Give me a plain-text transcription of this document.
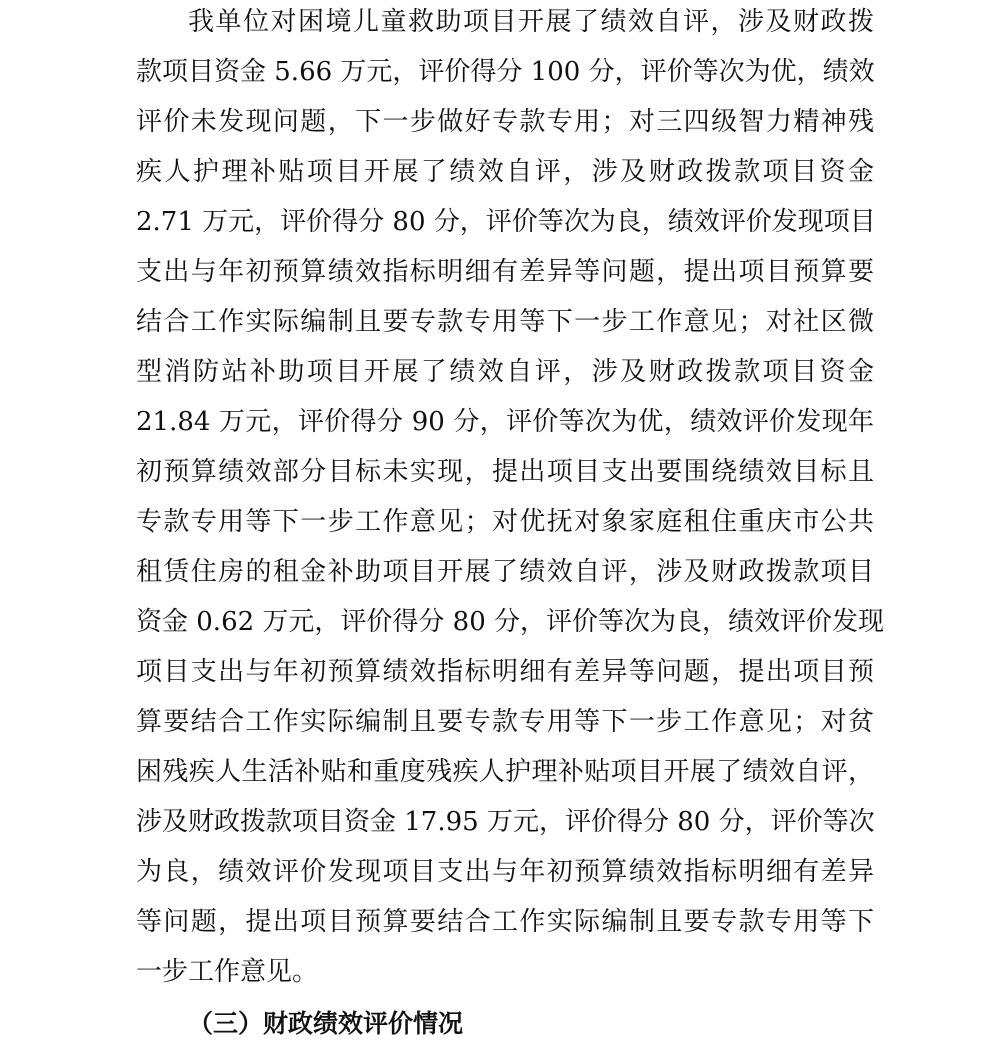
我单位对困境儿童救助项目开展了绩效自评，涉及财政拨
款项目资金 5.66 万元，评价得分 100 分，评价等次为优，绩效
评价未发现问题，下一步做好专款专用；对三四级智力精神残
疾人护理补贴项目开展了绩效自评，涉及财政拨款项目资金
2.71 万元，评价得分 80 分，评价等次为良，绩效评价发现项目
支出与年初预算绩效指标明细有差异等问题，提出项目预算要
结合工作实际编制且要专款专用等下一步工作意见；对社区微
型消防站补助项目开展了绩效自评，涉及财政拨款项目资金
21.84 万元，评价得分 90 分，评价等次为优，绩效评价发现年
初预算绩效部分目标未实现，提出项目支出要围绕绩效目标且
专款专用等下一步工作意见；对优抚对象家庭租住重庆市公共
租赁住房的租金补助项目开展了绩效自评，涉及财政拨款项目
资金 0.62 万元，评价得分 80 分，评价等次为良，绩效评价发现
项目支出与年初预算绩效指标明细有差异等问题，提出项目预
算要结合工作实际编制且要专款专用等下一步工作意见；对贫
困残疾人生活补贴和重度残疾人护理补贴项目开展了绩效自评，
涉及财政拨款项目资金 17.95 万元，评价得分 80 分，评价等次
为良，绩效评价发现项目支出与年初预算绩效指标明细有差异
等问题，提出项目预算要结合工作实际编制且要专款专用等下
一步工作意见。
（三）财政绩效评价情况
